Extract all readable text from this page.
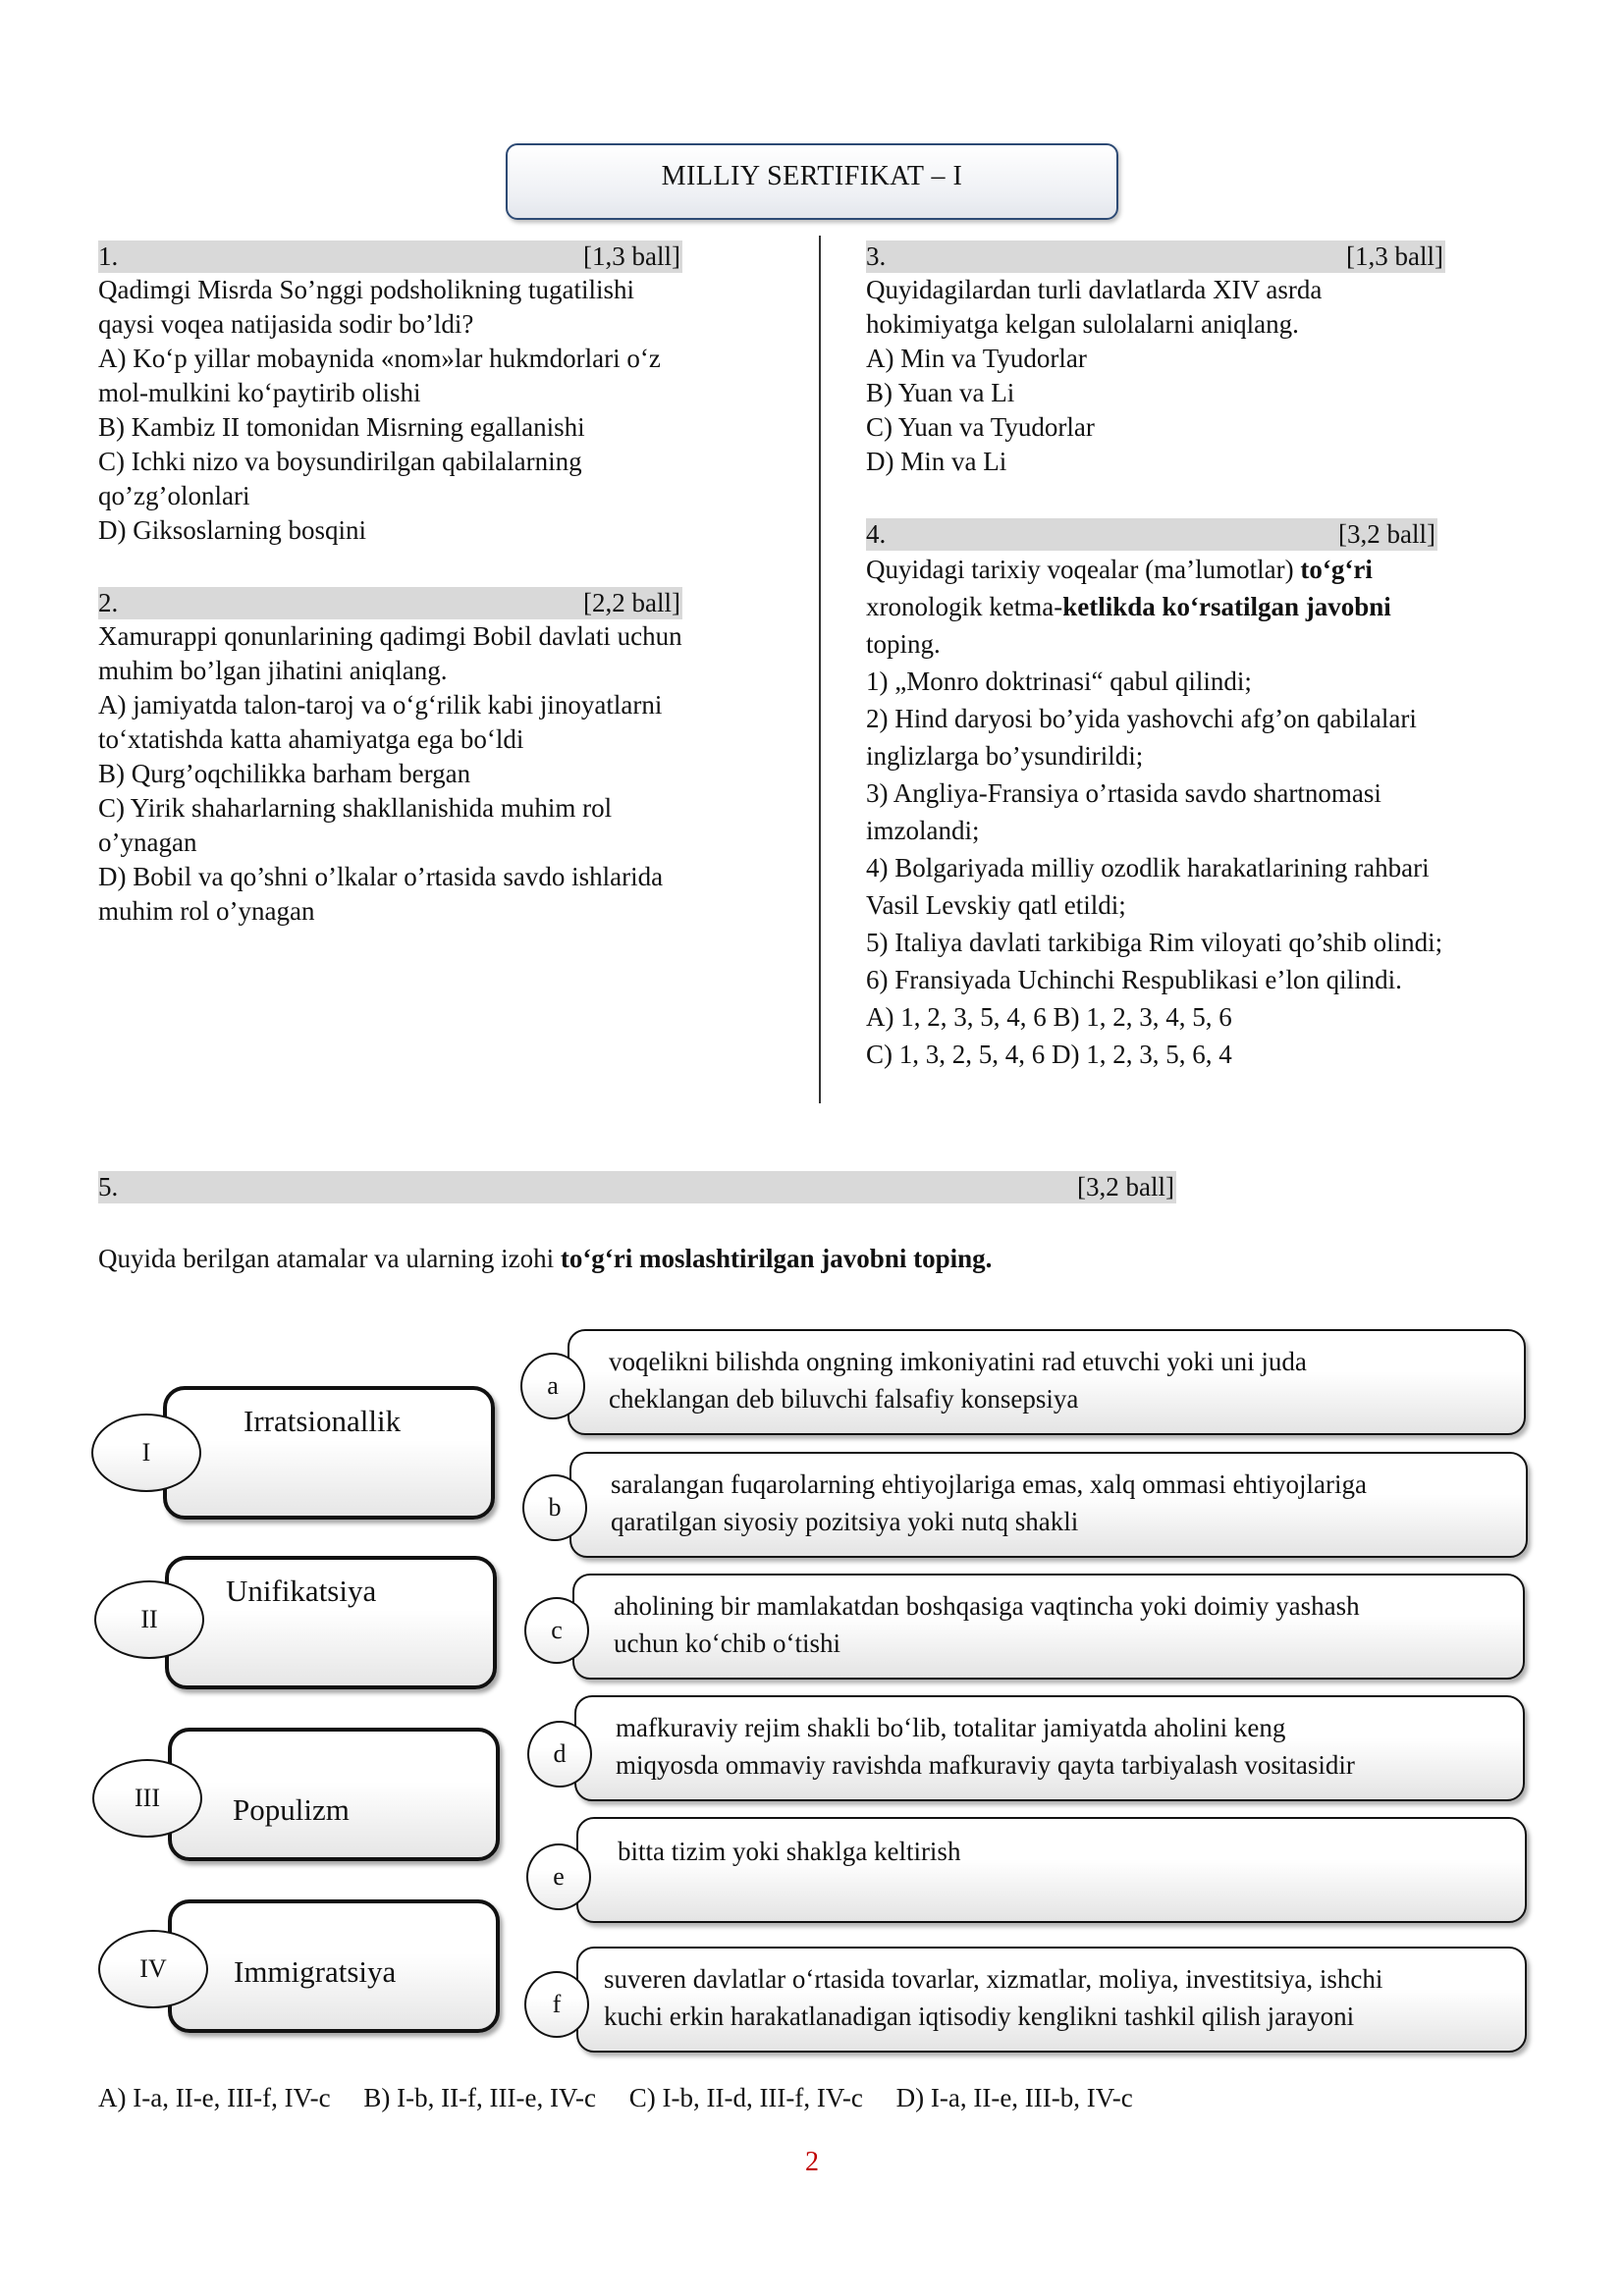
MILLIY SERTIFIKAT – I
1.	[1,3 ball]

Qadimgi Misrda So’nggi podsholikning tugatilishi

qaysi voqea natijasida sodir bo’ldi?

A) Ko‘p yillar mobaynida «nom»lar hukmdorlari o‘z

mol-mulkini ko‘paytirib olishi

B) Kambiz II tomonidan Misrning egallanishi

C) Ichki nizo va boysundirilgan qabilalarning

qo’zg’olonlari

D) Giksoslarning bosqini

2.	[2,2 ball]

Xamurappi qonunlarining qadimgi Bobil davlati uchun

muhim bo’lgan jihatini aniqlang.

A) jamiyatda talon-taroj va o‘g‘rilik kabi jinoyatlarni

to‘xtatishda katta ahamiyatga ega bo‘ldi

B) Qurg’oqchilikka barham bergan

C) Yirik shaharlarning shakllanishida muhim rol

o’ynagan

D) Bobil va qo’shni o’lkalar o’rtasida savdo ishlarida

muhim rol o’ynagan

3.	[1,3 ball]

Quyidagilardan turli davlatlarda XIV asrda

hokimiyatga kelgan sulolalarni aniqlang.

A) Min va Tyudorlar

B) Yuan va Li

C) Yuan va Tyudorlar

D) Min va Li

4.	[3,2 ball]

Quyidagi tarixiy voqealar (ma’lumotlar) to‘g‘ri

xronologik ketma-ketlikda ko‘rsatilgan javobni

toping.

1) „Monro doktrinasi“ qabul qilindi;

2) Hind daryosi bo’yida yashovchi afg’on qabilalari

inglizlarga bo’ysundirildi;

3) Angliya-Fransiya o’rtasida savdo shartnomasi

imzolandi;

4) Bolgariyada milliy ozodlik harakatlarining rahbari

Vasil Levskiy qatl etildi;

5) Italiya davlati tarkibiga Rim viloyati qo’shib olindi;

6) Fransiyada Uchinchi Respublikasi e’lon qilindi.

A) 1, 2, 3, 5, 4, 6 B) 1, 2, 3, 4, 5, 6

C) 1, 3, 2, 5, 4, 6 D) 1, 2, 3, 5, 6, 4

5.	[3,2 ball]
Quyida berilgan atamalar va ularning izohi to‘g‘ri moslashtirilgan javobni toping.
Irratsionallik
I
Unifikatsiya
II
Populizm
III
Immigratsiya
IV
voqelikni bilishda ongning imkoniyatini rad etuvchi yoki uni juda
cheklangan deb biluvchi falsafiy konsepsiya
a
saralangan fuqarolarning ehtiyojlariga emas, xalq ommasi ehtiyojlariga
qaratilgan siyosiy pozitsiya yoki nutq shakli
b
aholining bir mamlakatdan boshqasiga vaqtincha yoki doimiy yashash
uchun ko‘chib o‘tishi
c
mafkuraviy rejim shakli bo‘lib, totalitar jamiyatda aholini keng
miqyosda ommaviy ravishda mafkuraviy qayta tarbiyalash vositasidir
d
bitta tizim yoki shaklga keltirish
e
suveren davlatlar o‘rtasida tovarlar, xizmatlar, moliya, investitsiya, ishchi
kuchi erkin harakatlanadigan iqtisodiy kenglikni tashkil qilish jarayoni
f
A) I-a, II-e, III-f, IV-c     B) I-b, II-f, III-e, IV-c     C) I-b, II-d, III-f, IV-c     D) I-a, II-e, III-b, IV-c
2
